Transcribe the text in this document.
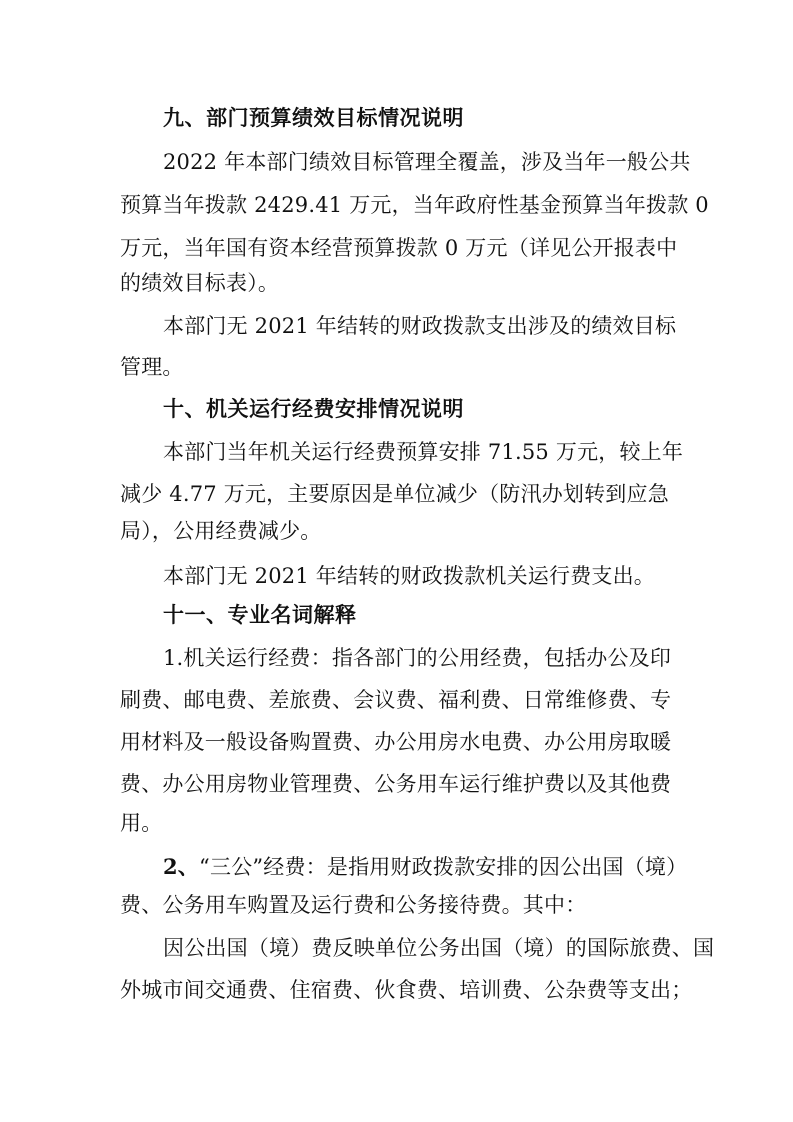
九、部门预算绩效目标情况说明
2022 年本部门绩效目标管理全覆盖，涉及当年一般公共
预算当年拨款 2429.41 万元，当年政府性基金预算当年拨款 0
万元，当年国有资本经营预算拨款 0 万元（详见公开报表中
的绩效目标表）。
本部门无 2021 年结转的财政拨款支出涉及的绩效目标
管理。
十、机关运行经费安排情况说明
本部门当年机关运行经费预算安排 71.55 万元，较上年
减少 4.77 万元，主要原因是单位减少（防汛办划转到应急
局），公用经费减少。
本部门无 2021 年结转的财政拨款机关运行费支出。
十一、专业名词解释
1.机关运行经费：指各部门的公用经费，包括办公及印
刷费、邮电费、差旅费、会议费、福利费、日常维修费、专
用材料及一般设备购置费、办公用房水电费、办公用房取暖
费、办公用房物业管理费、公务用车运行维护费以及其他费
用。
2、“三公”经费：是指用财政拨款安排的因公出国（境）
费、公务用车购置及运行费和公务接待费。其中：
因公出国（境）费反映单位公务出国（境）的国际旅费、国
外城市间交通费、住宿费、伙食费、培训费、公杂费等支出；
